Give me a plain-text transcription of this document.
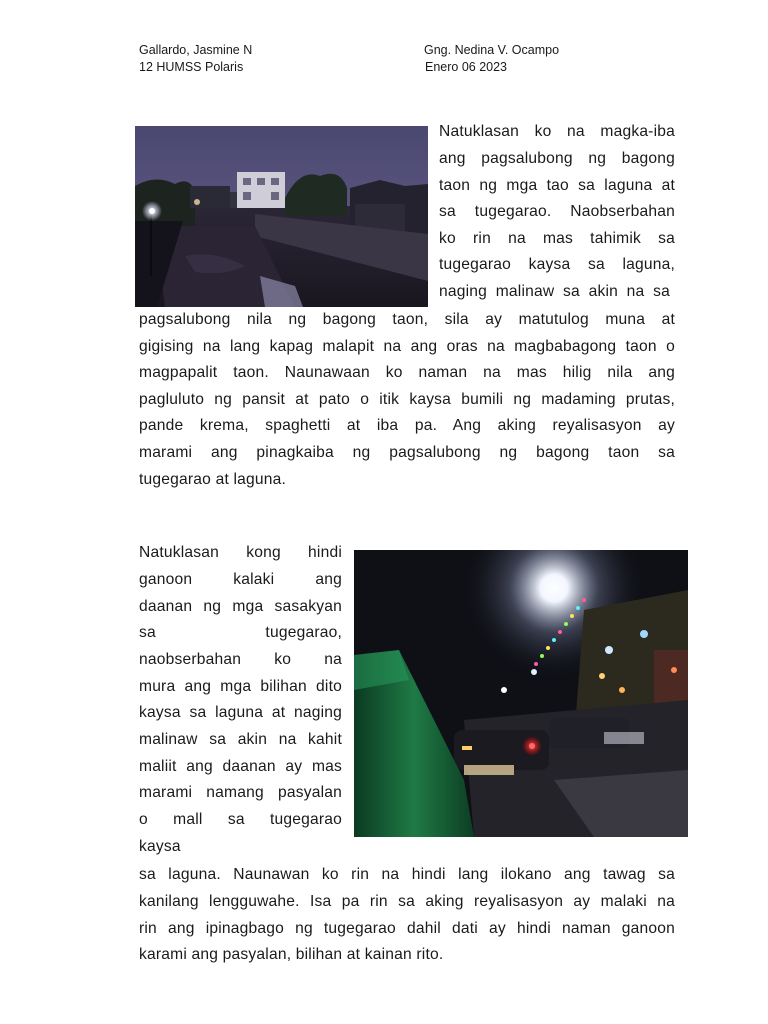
Gallardo, Jasmine N
12 HUMSS Polaris
Gng. Nedina V. Ocampo
Enero 06 2023
Natuklasan ko na magka-iba
ang pagsalubong ng bagong
taon ng mga tao sa laguna at
sa tugegarao. Naobserbahan
ko rin na mas tahimik sa
tugegarao kaysa sa laguna,
naging malinaw sa akin na sa
pagsalubong nila ng bagong taon, sila ay matutulog muna at
gigising na lang kapag malapit na ang oras na magbabagong taon o
magpapalit taon. Naunawaan ko naman na mas hilig nila ang
pagluluto ng pansit at pato o itik kaysa bumili ng madaming prutas,
pande krema, spaghetti at iba pa. Ang aking reyalisasyon ay
marami ang pinagkaiba ng pagsalubong ng bagong taon sa
tugegarao at laguna.
Natuklasan kong hindi
ganoon kalaki ang
daanan ng mga sasakyan
sa tugegarao,
naobserbahan ko na
mura ang mga bilihan dito
kaysa sa laguna at naging
malinaw sa akin na kahit
maliit ang daanan ay mas
marami namang pasyalan
o mall sa tugegarao
kaysa
sa laguna. Naunawan ko rin na hindi lang ilokano ang tawag sa
kanilang lengguwahe. Isa pa rin sa aking reyalisasyon ay malaki na
rin ang ipinagbago ng tugegarao dahil dati ay hindi naman ganoon
karami ang pasyalan, bilihan at kainan rito.
